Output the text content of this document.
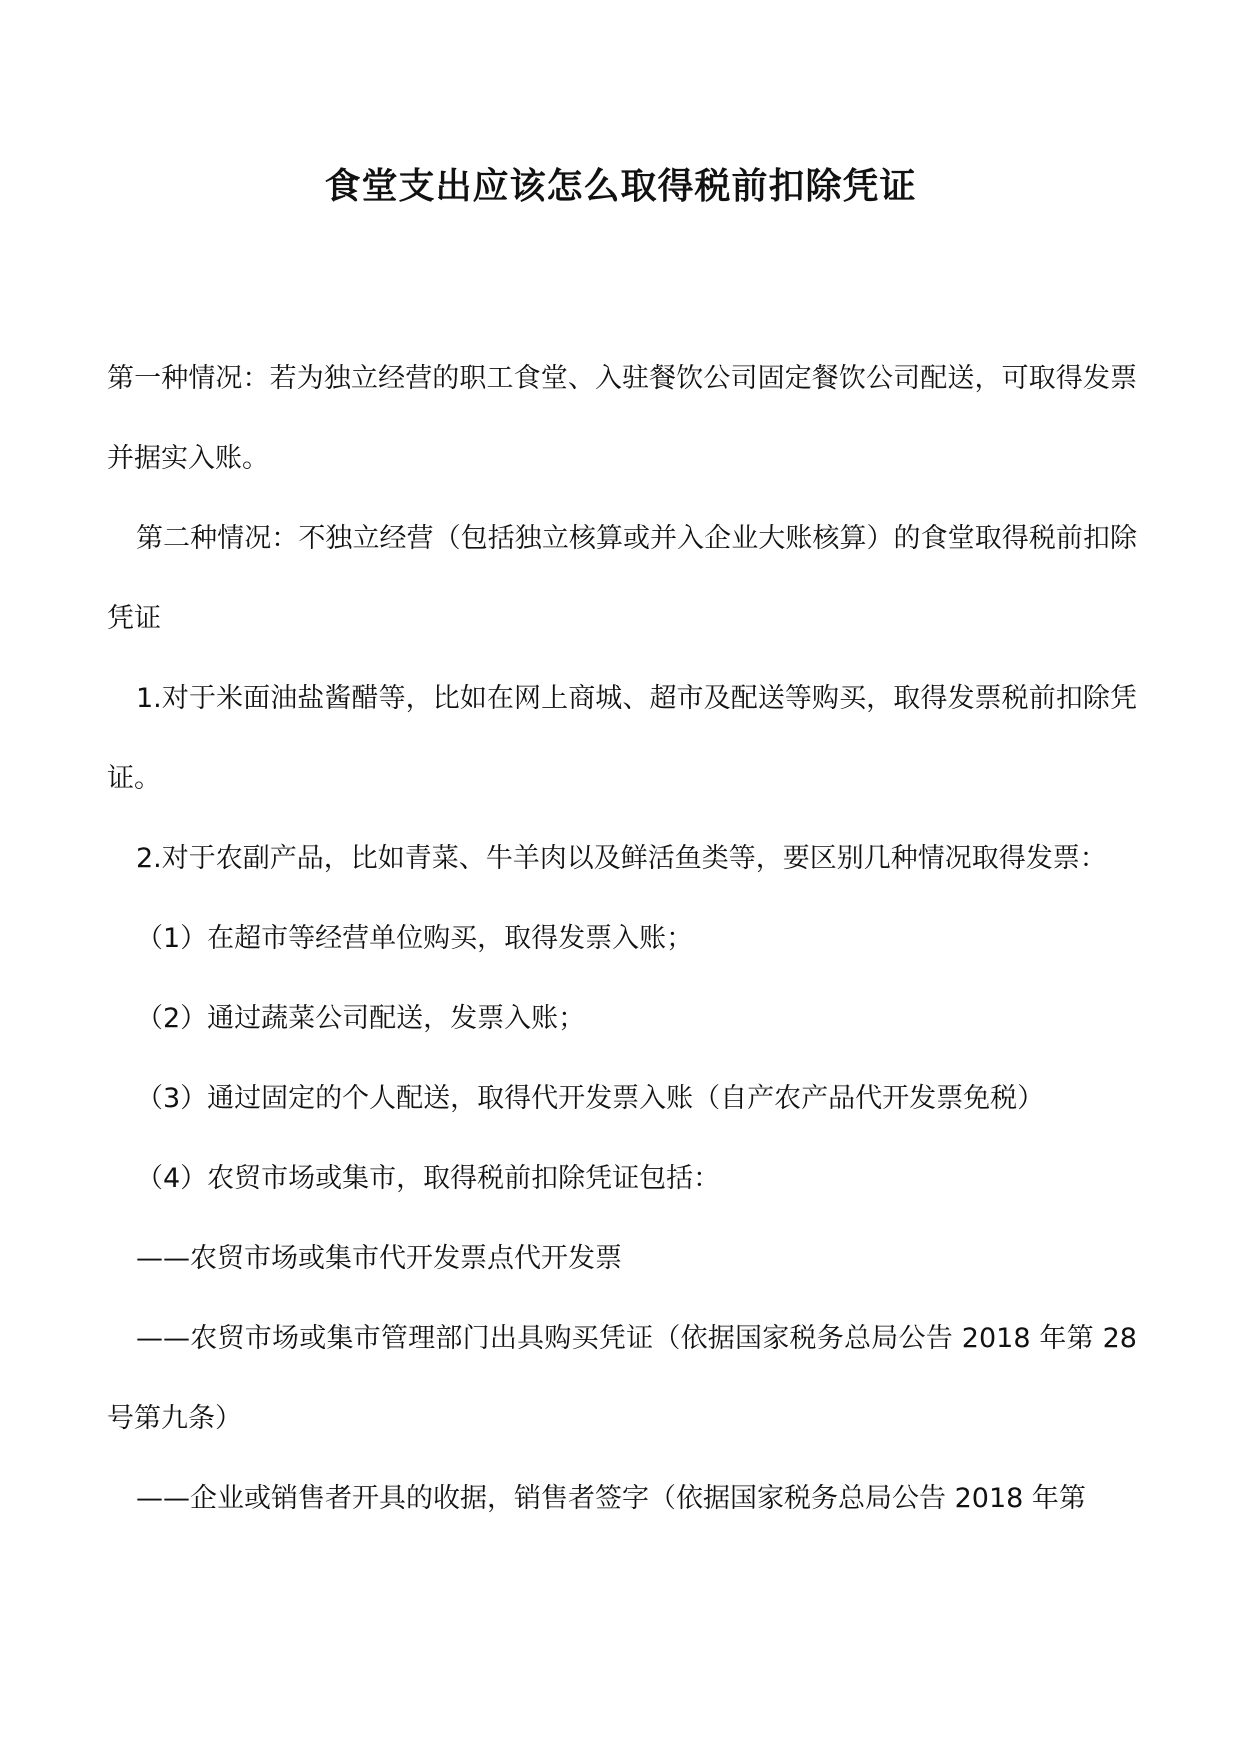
食堂支出应该怎么取得税前扣除凭证

第一种情况：若为独立经营的职工食堂、入驻餐饮公司固定餐饮公司配送，可取得发票并据实入账。

第二种情况：不独立经营（包括独立核算或并入企业大账核算）的食堂取得税前扣除凭证

1.对于米面油盐酱醋等，比如在网上商城、超市及配送等购买，取得发票税前扣除凭证。

2.对于农副产品，比如青菜、牛羊肉以及鲜活鱼类等，要区别几种情况取得发票：

（1）在超市等经营单位购买，取得发票入账；

（2）通过蔬菜公司配送，发票入账；

（3）通过固定的个人配送，取得代开发票入账（自产农产品代开发票免税）

（4）农贸市场或集市，取得税前扣除凭证包括：

——农贸市场或集市代开发票点代开发票

——农贸市场或集市管理部门出具购买凭证（依据国家税务总局公告 2018 年第 28 号第九条）

——企业或销售者开具的收据，销售者签字（依据国家税务总局公告 2018 年第
